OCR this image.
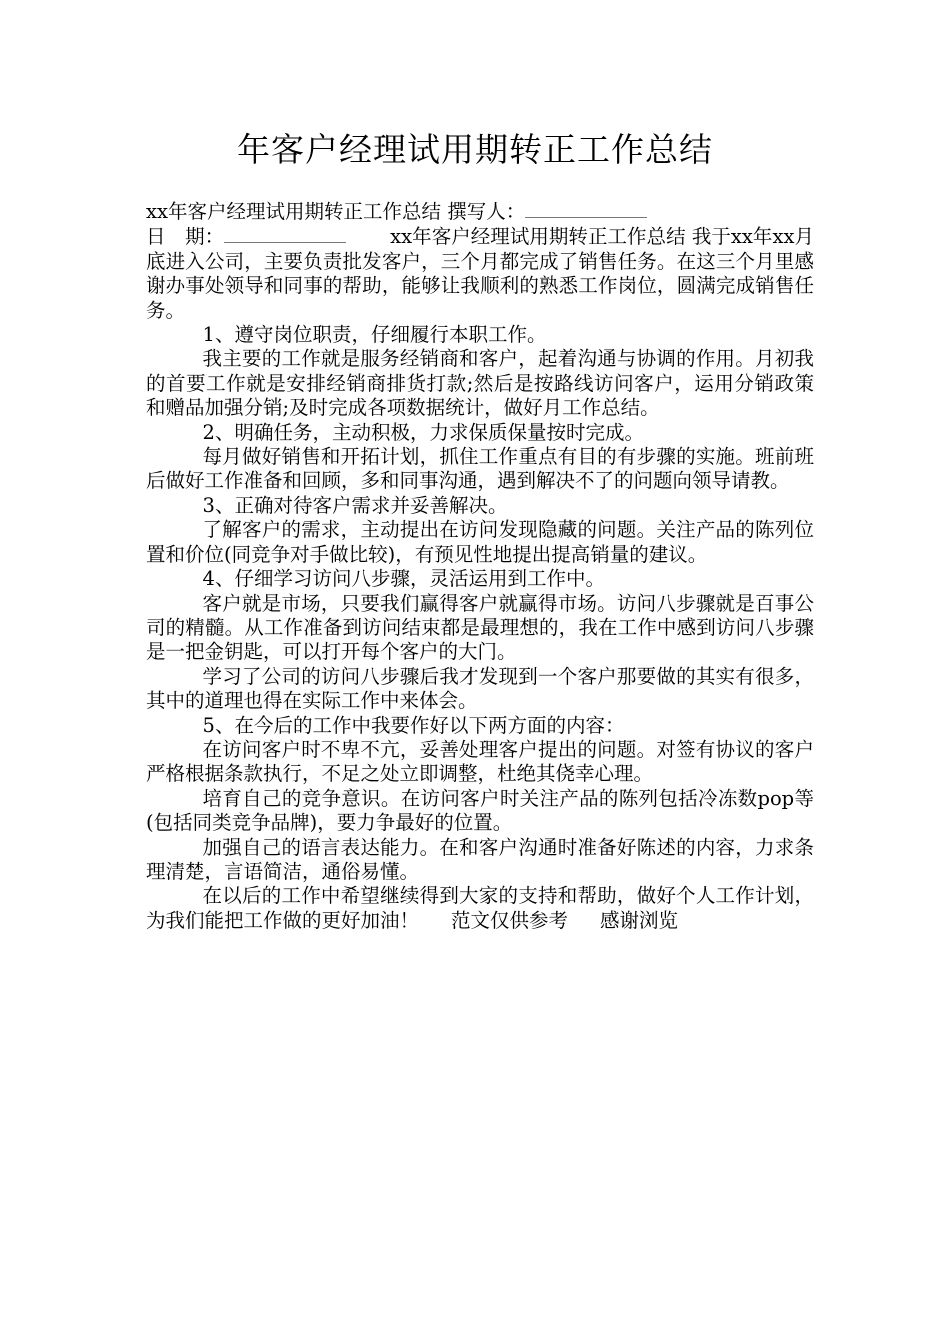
年客户经理试用期转正工作总结

xx年客户经理试用期转正工作总结 撰写人：

日　期：	xx年客户经理试用期转正工作总结 我于xx年xx月底进入公司，主要负责批发客户，三个月都完成了销售任务。在这三个月里感谢办事处领导和同事的帮助，能够让我顺利的熟悉工作岗位，圆满完成销售任务。

1、遵守岗位职责，仔细履行本职工作。

我主要的工作就是服务经销商和客户，起着沟通与协调的作用。月初我的首要工作就是安排经销商排货打款;然后是按路线访问客户，运用分销政策和赠品加强分销;及时完成各项数据统计，做好月工作总结。

2、明确任务，主动积极，力求保质保量按时完成。

每月做好销售和开拓计划，抓住工作重点有目的有步骤的实施。班前班后做好工作准备和回顾，多和同事沟通，遇到解决不了的问题向领导请教。

3、正确对待客户需求并妥善解决。

了解客户的需求，主动提出在访问发现隐藏的问题。关注产品的陈列位置和价位(同竞争对手做比较)，有预见性地提出提高销量的建议。

4、仔细学习访问八步骤，灵活运用到工作中。

客户就是市场，只要我们赢得客户就赢得市场。访问八步骤就是百事公司的精髓。从工作准备到访问结束都是最理想的，我在工作中感到访问八步骤是一把金钥匙，可以打开每个客户的大门。

学习了公司的访问八步骤后我才发现到一个客户那要做的其实有很多，其中的道理也得在实际工作中来体会。

5、在今后的工作中我要作好以下两方面的内容：

在访问客户时不卑不亢，妥善处理客户提出的问题。对签有协议的客户严格根据条款执行，不足之处立即调整，杜绝其侥幸心理。

培育自己的竞争意识。在访问客户时关注产品的陈列包括冷冻数pop等(包括同类竞争品牌)，要力争最好的位置。

加强自己的语言表达能力。在和客户沟通时准备好陈述的内容，力求条理清楚，言语简洁，通俗易懂。

在以后的工作中希望继续得到大家的支持和帮助，做好个人工作计划，为我们能把工作做的更好加油！ 范文仅供参考 感谢浏览
